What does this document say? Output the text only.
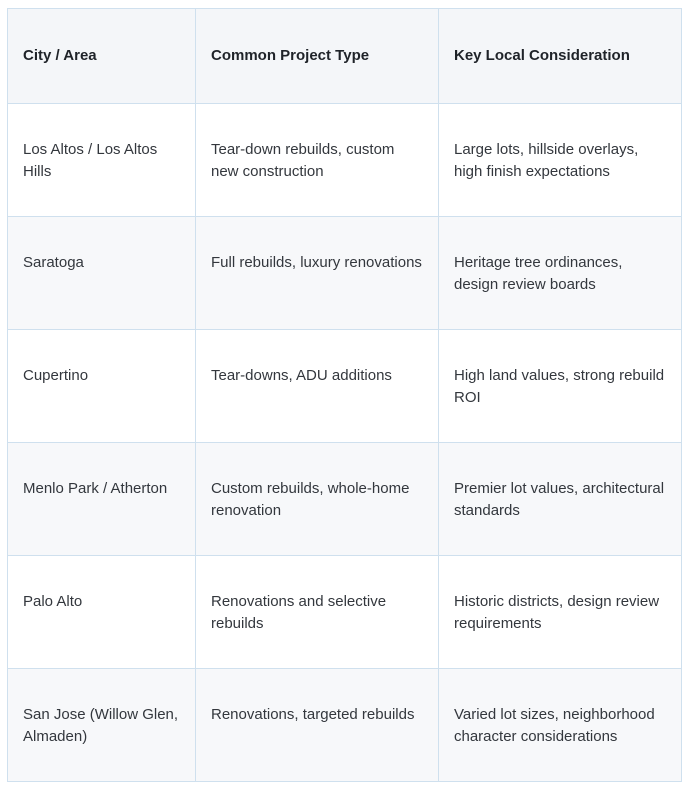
City / Area	Common Project Type	Key Local Consideration
Los Altos / Los Altos Hills	Tear-down rebuilds, custom new construction	Large lots, hillside overlays, high finish expectations
Saratoga	Full rebuilds, luxury renovations	Heritage tree ordinances, design review boards
Cupertino	Tear-downs, ADU additions	High land values, strong rebuild ROI
Menlo Park / Atherton	Custom rebuilds, whole-home renovation	Premier lot values, architectural standards
Palo Alto	Renovations and selective rebuilds	Historic districts, design review requirements
San Jose (Willow Glen, Almaden)	Renovations, targeted rebuilds	Varied lot sizes, neighborhood character considerations
